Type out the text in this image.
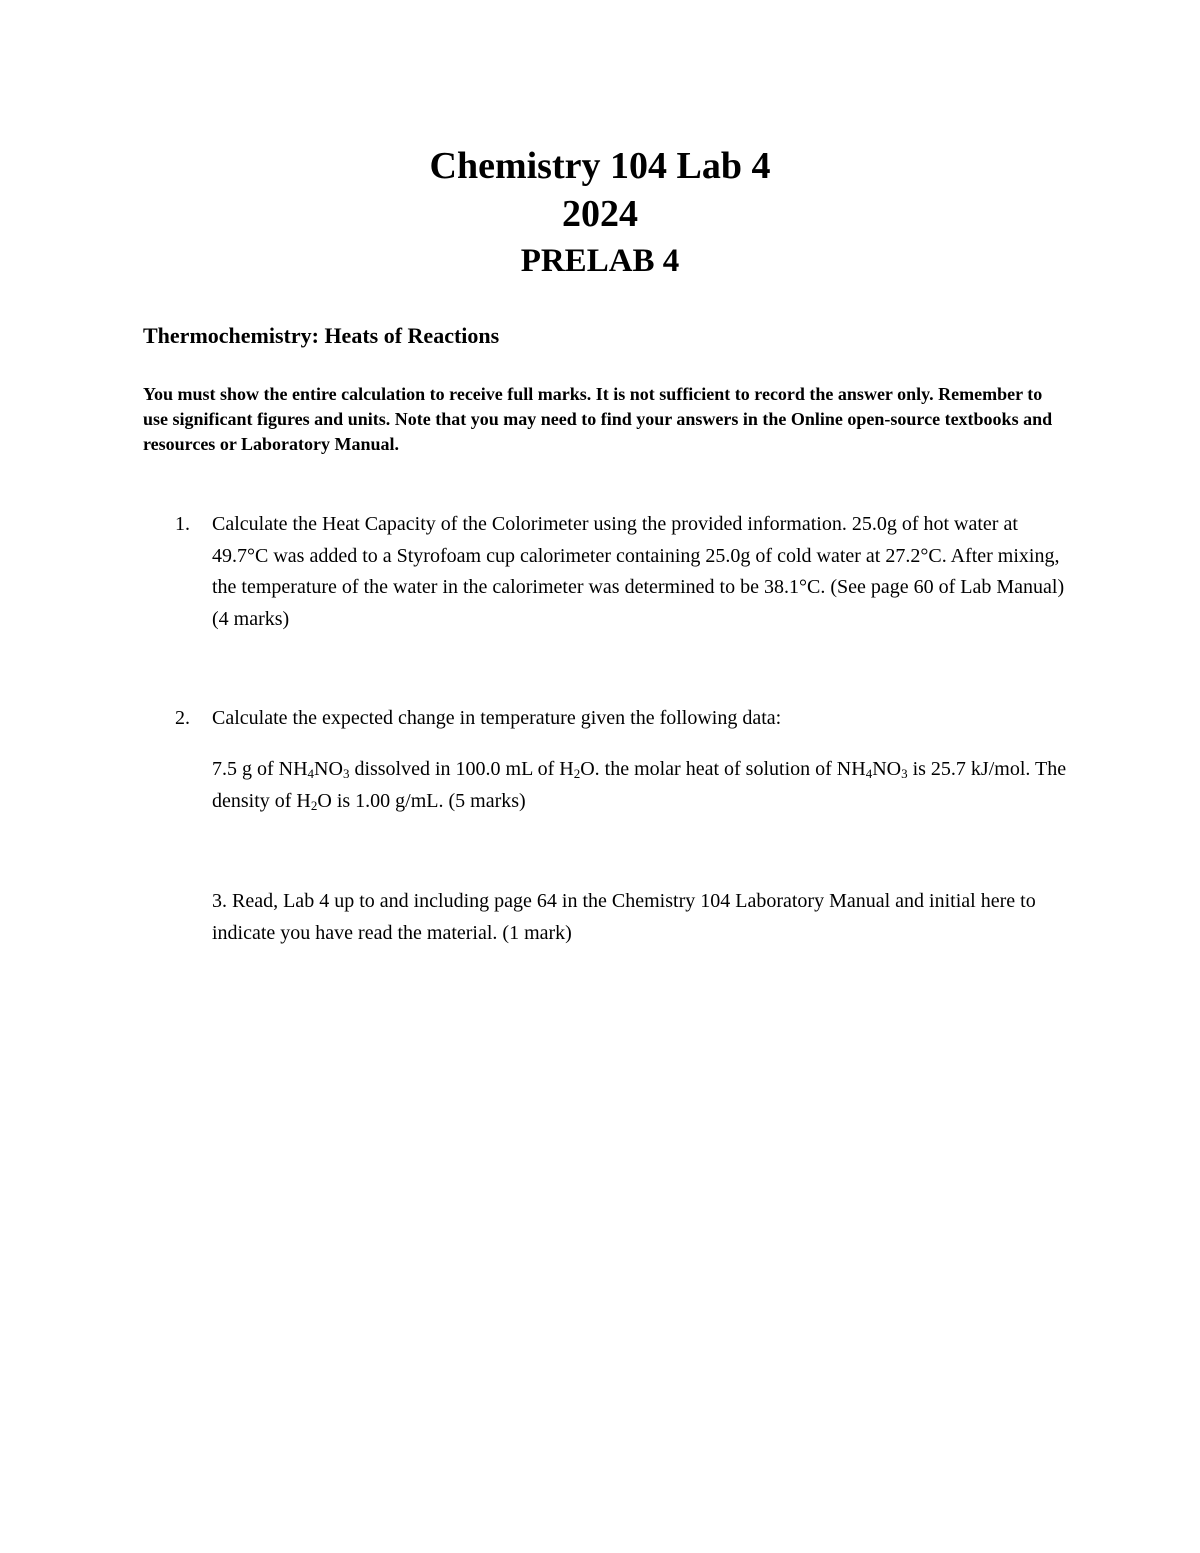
Chemistry 104 Lab 4
2024
PRELAB 4
Thermochemistry: Heats of Reactions
You must show the entire calculation to receive full marks. It is not sufficient to record the answer only. Remember to use significant figures and units. Note that you may need to find your answers in the Online open-source textbooks and resources or Laboratory Manual.
1. Calculate the Heat Capacity of the Colorimeter using the provided information. 25.0g of hot water at 49.7°C was added to a Styrofoam cup calorimeter containing 25.0g of cold water at 27.2°C. After mixing, the temperature of the water in the calorimeter was determined to be 38.1°C. (See page 60 of Lab Manual) (4 marks)
2. Calculate the expected change in temperature given the following data:
7.5 g of $NH_4NO_3$ dissolved in 100.0 mL of $H_2O$. the molar heat of solution of $NH_4NO_3$ is 25.7 kJ/mol. The density of $H_2O$ is 1.00 g/mL. (5 marks)
3. Read, Lab 4 up to and including page 64 in the Chemistry 104 Laboratory Manual and initial here to indicate you have read the material. (1 mark)
